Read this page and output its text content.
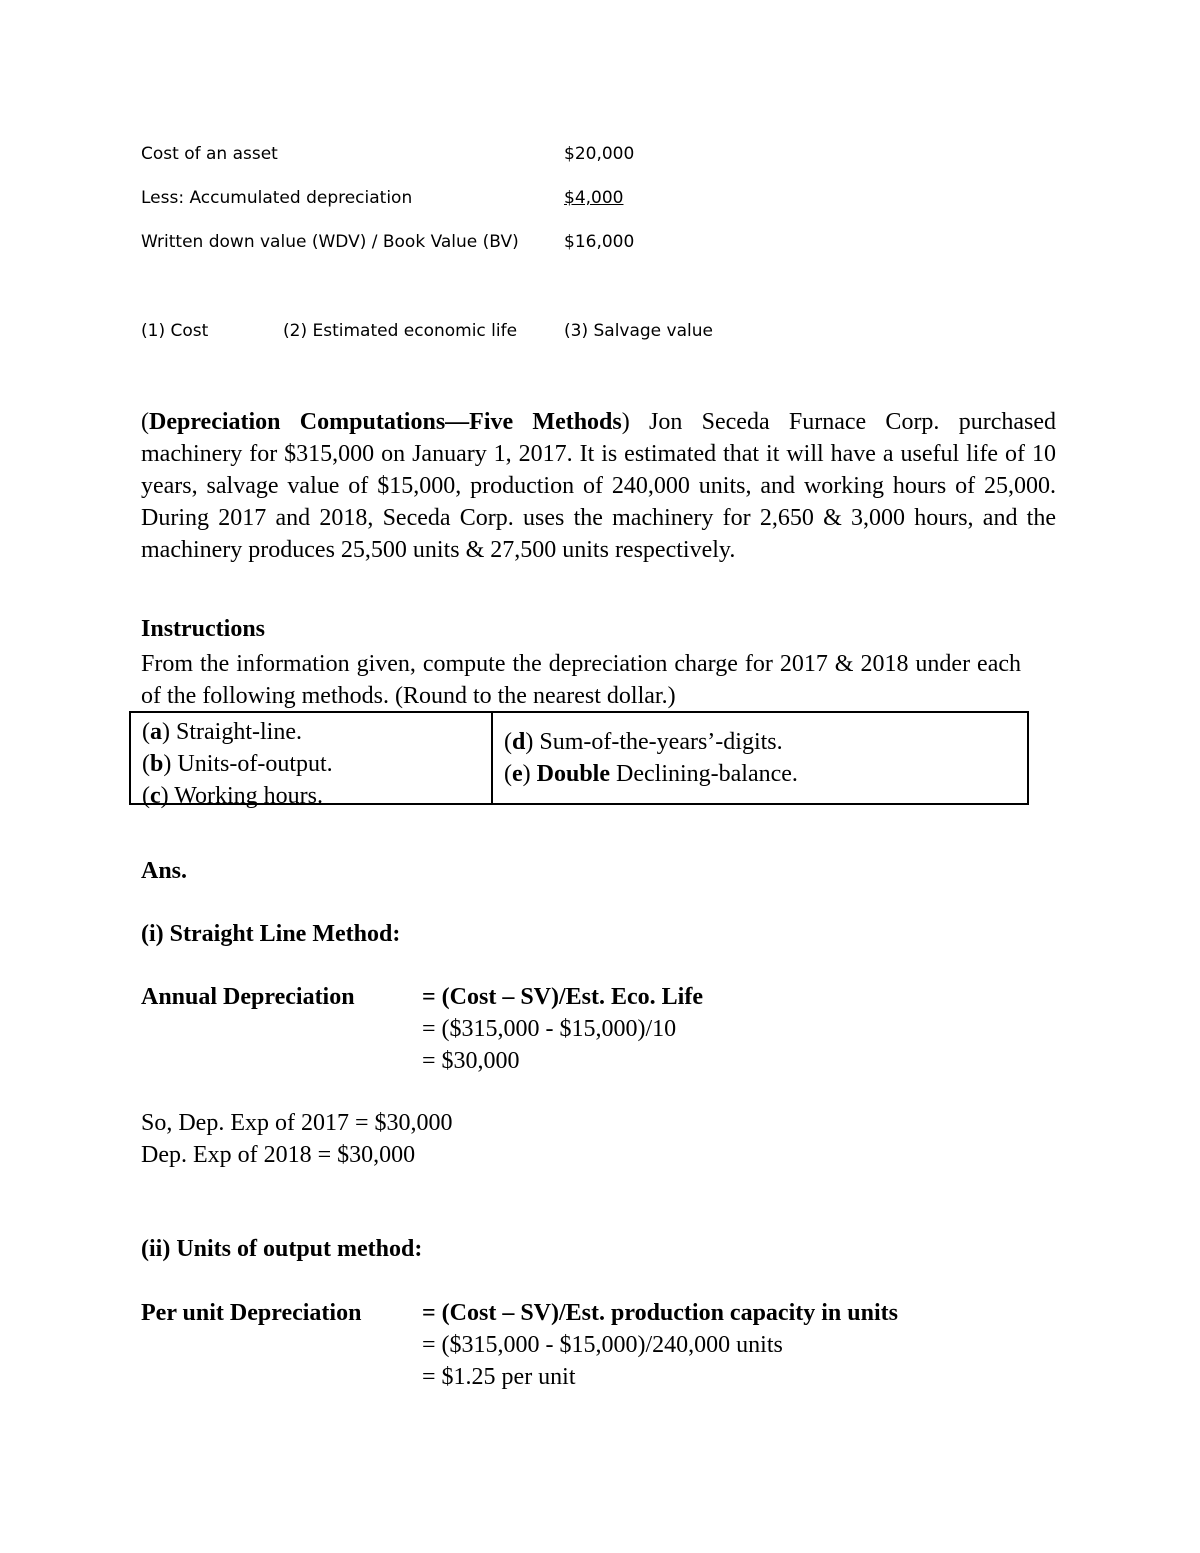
Cost of an asset	$20,000
Less: Accumulated depreciation	$4,000
Written down value (WDV) / Book Value (BV)	$16,000
(1) Cost	(2) Estimated economic life	(3) Salvage value
(Depreciation Computations—Five Methods) Jon Seceda Furnace Corp. purchased machinery for $315,000 on January 1, 2017. It is estimated that it will have a useful life of 10 years, salvage value of $15,000, production of 240,000 units, and working hours of 25,000. During 2017 and 2018, Seceda Corp. uses the machinery for 2,650 & 3,000 hours, and the machinery produces 25,500 units & 27,500 units respectively.
Instructions
From the information given, compute the depreciation charge for 2017 & 2018 under each of the following methods. (Round to the nearest dollar.)
(a) Straight-line.
(b) Units-of-output.
(c) Working hours.
(d) Sum-of-the-years’-digits.
(e) Double Declining-balance.
Ans.
(i) Straight Line Method:
Annual Depreciation	= (Cost – SV)/Est. Eco. Life
= ($315,000 - $15,000)/10
= $30,000
So, Dep. Exp of 2017 = $30,000
Dep. Exp of 2018 = $30,000
(ii) Units of output method:
Per unit Depreciation	= (Cost – SV)/Est. production capacity in units
= ($315,000 - $15,000)/240,000 units
= $1.25 per unit
